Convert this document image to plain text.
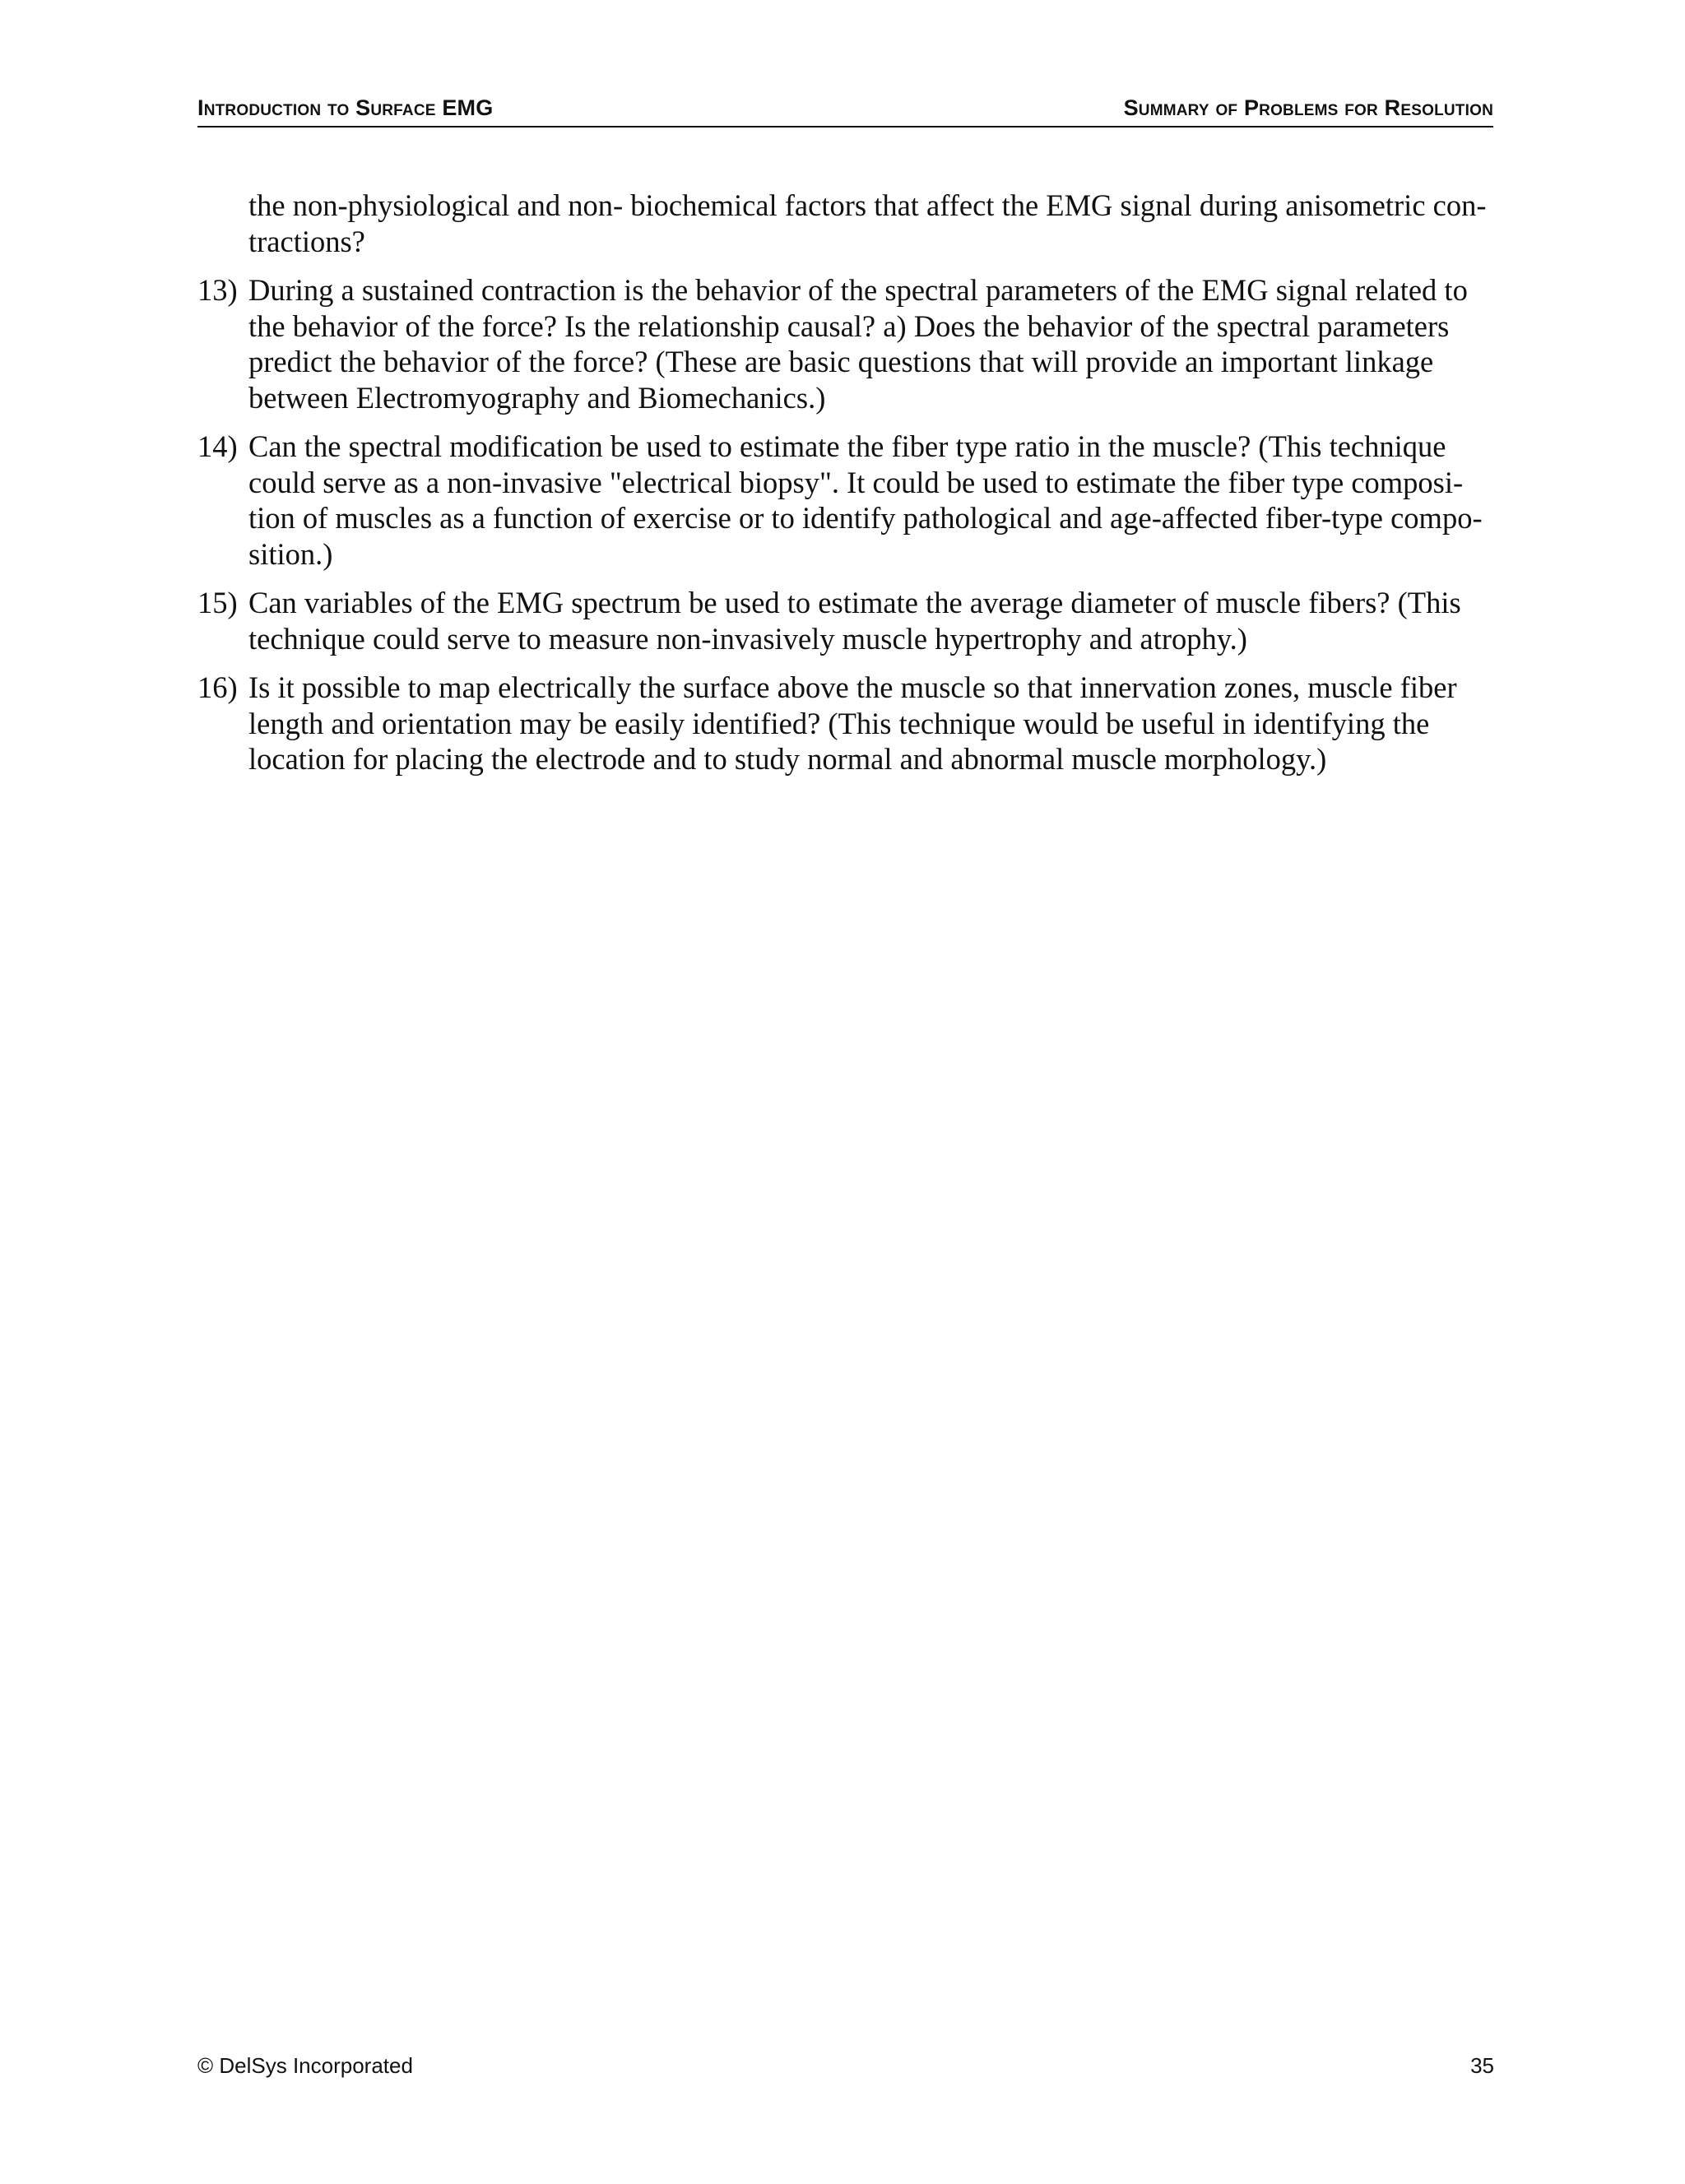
Introduction to Surface EMG	Summary of Problems for Resolution
the non-physiological and non- biochemical factors that affect the EMG signal during anisometric con-
tractions?
13) During a sustained contraction is the behavior of the spectral parameters of the EMG signal related to
the behavior of the force? Is the relationship causal? a) Does the behavior of the spectral parameters
predict the behavior of the force? (These are basic questions that will provide an important linkage
between Electromyography and Biomechanics.)
14) Can the spectral modification be used to estimate the fiber type ratio in the muscle? (This technique
could serve as a non-invasive "electrical biopsy". It could be used to estimate the fiber type composi-
tion of muscles as a function of exercise or to identify pathological and age-affected fiber-type compo-
sition.)
15) Can variables of the EMG spectrum be used to estimate the average diameter of muscle fibers? (This
technique could serve to measure non-invasively muscle hypertrophy and atrophy.)
16) Is it possible to map electrically the surface above the muscle so that innervation zones, muscle fiber
length and orientation may be easily identified? (This technique would be useful in identifying the
location for placing the electrode and to study normal and abnormal muscle morphology.)
© DelSys Incorporated	35
